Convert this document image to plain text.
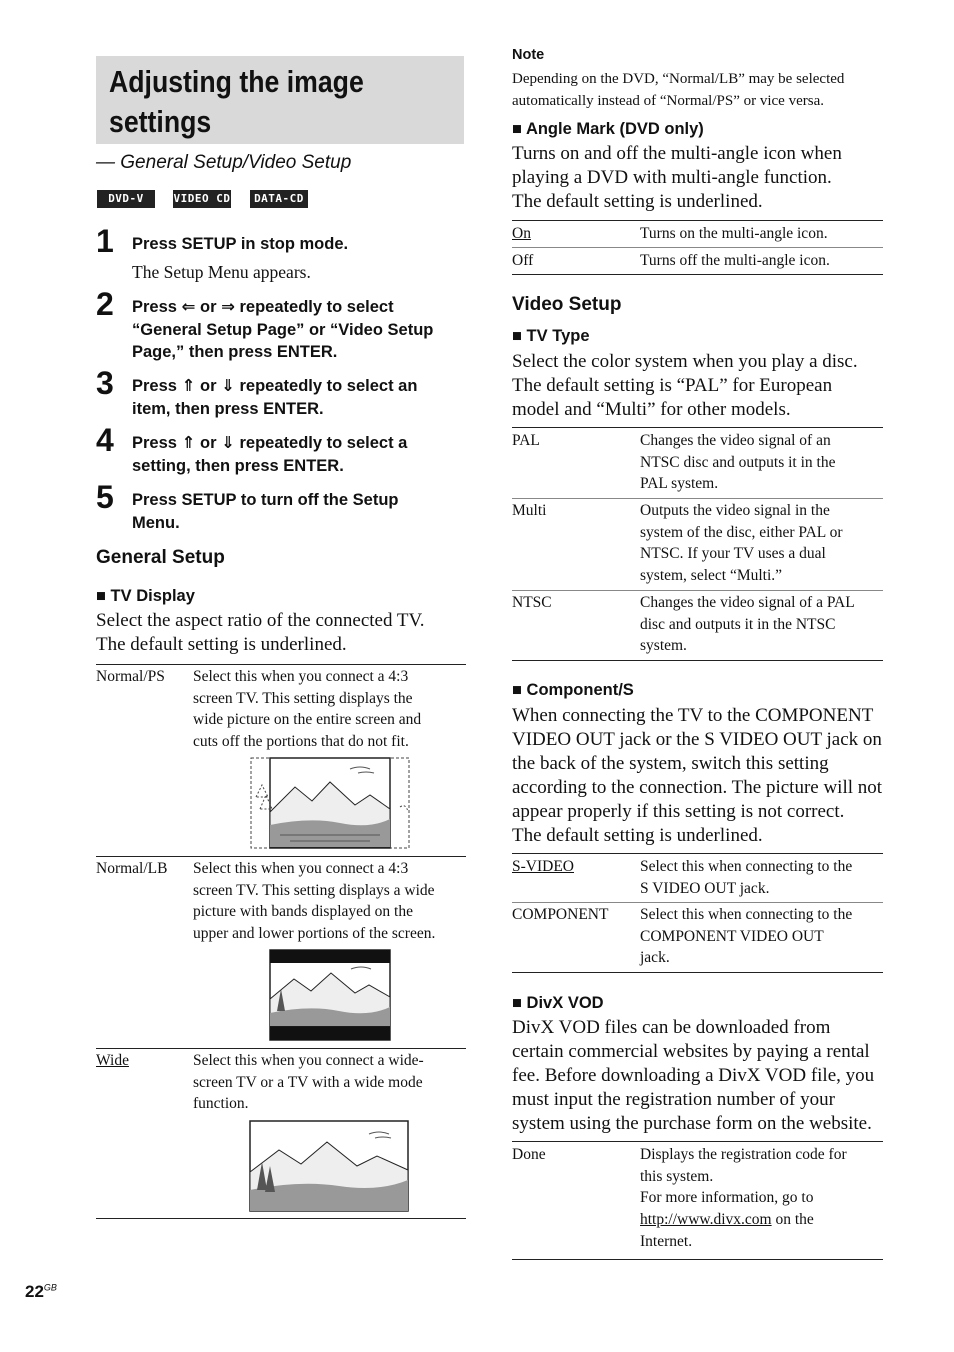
Adjusting the image
settings
— General Setup/Video Setup
DVD-V	VIDEO CD	DATA-CD
1 Press SETUP in stop mode.
The Setup Menu appears.
2 Press ⇐ or ⇒ repeatedly to select
“General Setup Page” or “Video Setup
Page,” then press ENTER.
3 Press ⇑ or ⇓ repeatedly to select an
item, then press ENTER.
4 Press ⇑ or ⇓ repeatedly to select a
setting, then press ENTER.
5 Press SETUP to turn off the Setup
Menu.
General Setup
■ TV Display
Select the aspect ratio of the connected TV.
The default setting is underlined.
Normal/PS Select this when you connect a 4:3
screen TV. This setting displays the
wide picture on the entire screen and
cuts off the portions that do not fit.
Normal/LB Select this when you connect a 4:3
screen TV. This setting displays a wide
picture with bands displayed on the
upper and lower portions of the screen.
Wide	Select this when you connect a wide-
screen TV or a TV with a wide mode
function.
Note
Depending on the DVD, “Normal/LB” may be selected
automatically instead of “Normal/PS” or vice versa.
■ Angle Mark (DVD only)
Turns on and off the multi-angle icon when
playing a DVD with multi-angle function.
The default setting is underlined.
On	Turns on the multi-angle icon.
Off	Turns off the multi-angle icon.
Video Setup
■ TV Type
Select the color system when you play a disc.
The default setting is “PAL” for European
model and “Multi” for other models.
PAL	Changes the video signal of an
NTSC disc and outputs it in the
PAL system.
Multi	Outputs the video signal in the
system of the disc, either PAL or
NTSC. If your TV uses a dual
system, select “Multi.”
NTSC	Changes the video signal of a PAL
disc and outputs it in the NTSC
system.
■ Component/S
When connecting the TV to the COMPONENT
VIDEO OUT jack or the S VIDEO OUT jack on
the back of the system, switch this setting
according to the connection. The picture will not
appear properly if this setting is not correct.
The default setting is underlined.
S-VIDEO	Select this when connecting to the
S VIDEO OUT jack.
COMPONENT Select this when connecting to the
COMPONENT VIDEO OUT
jack.
■ DivX VOD
DivX VOD files can be downloaded from
certain commercial websites by paying a rental
fee. Before downloading a DivX VOD file, you
must input the registration number of your
system using the purchase form on the website.
Done	Displays the registration code for
this system.
For more information, go to
http://www.divx.com on the
Internet.
$22^{GB}$
